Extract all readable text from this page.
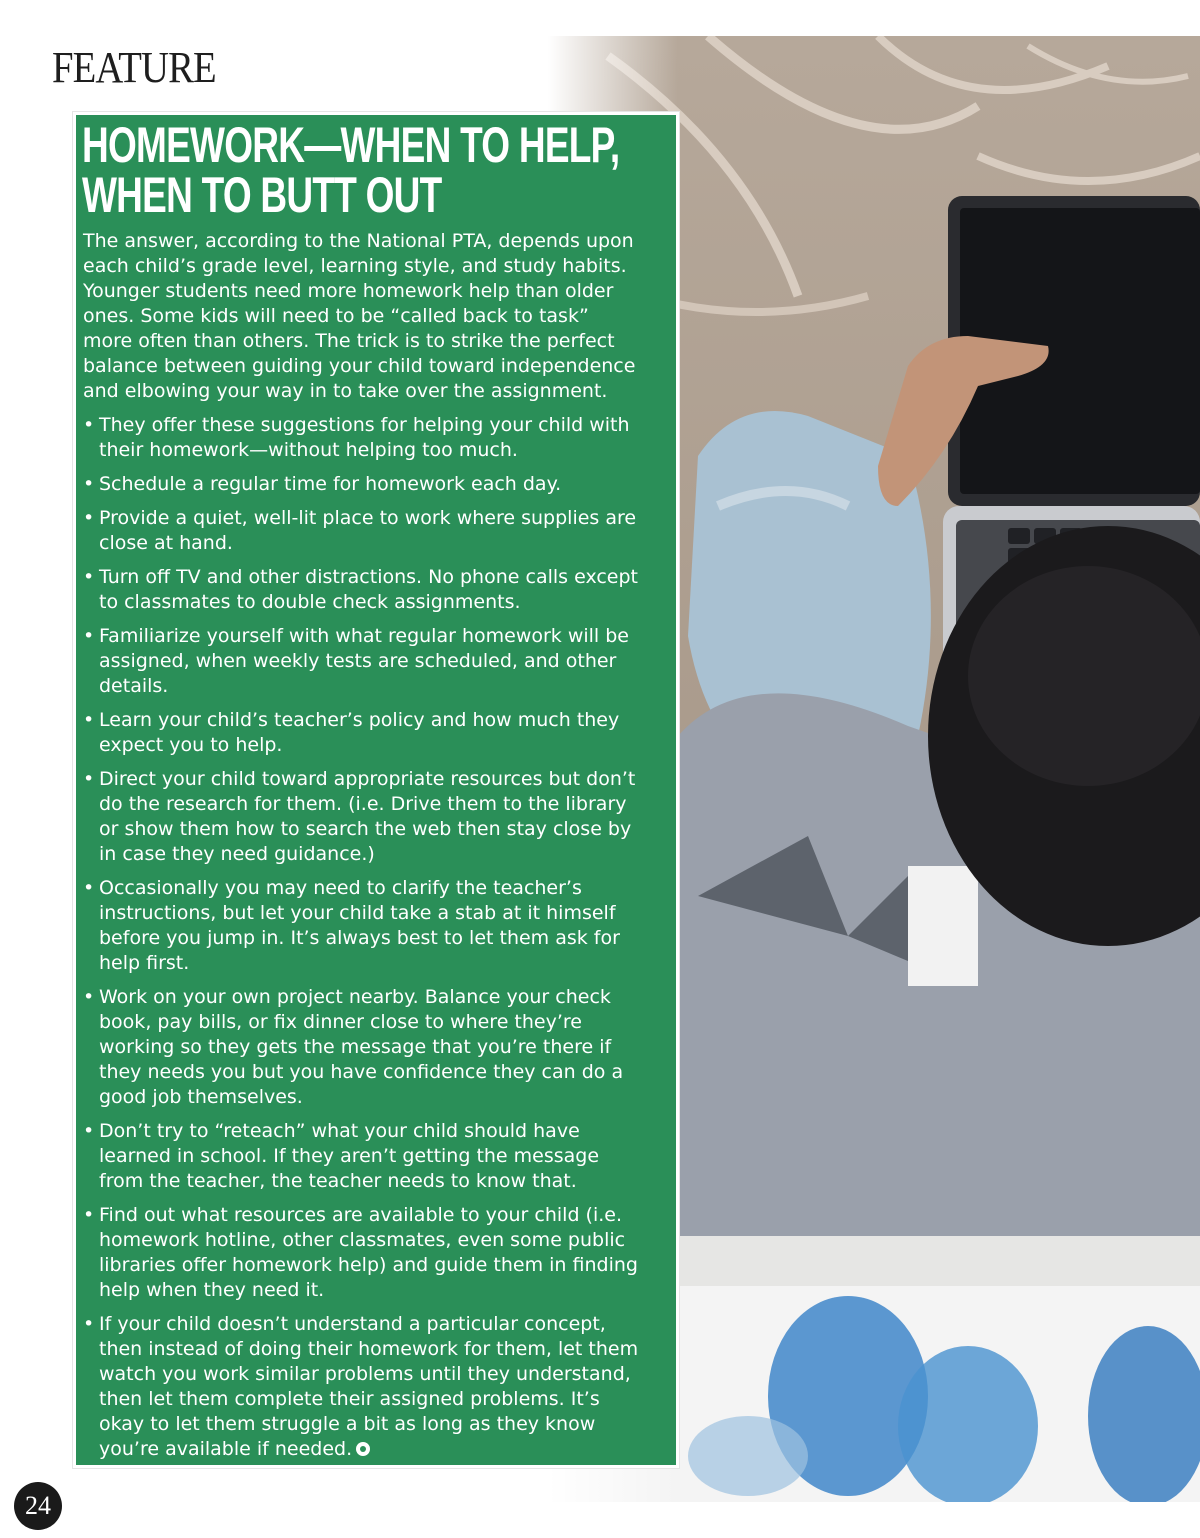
FEATURE
HOMEWORK—WHEN TO HELP,
WHEN TO BUTT OUT

The answer, according to the National PTA, depends upon each child’s grade level, learning style, and study habits. Younger students need more homework help than older ones. Some kids will need to be “called back to task” more often than others. The trick is to strike the perfect balance between guiding your child toward independence and elbowing your way in to take over the assignment.

• They offer these suggestions for helping your child with their homework—without helping too much.
• Schedule a regular time for homework each day.
• Provide a quiet, well-lit place to work where supplies are close at hand.
• Turn off TV and other distractions. No phone calls except to classmates to double check assignments.
• Familiarize yourself with what regular homework will be assigned, when weekly tests are scheduled, and other details.
• Learn your child’s teacher’s policy and how much they expect you to help.
• Direct your child toward appropriate resources but don’t do the research for them. (i.e. Drive them to the library or show them how to search the web then stay close by in case they need guidance.)
• Occasionally you may need to clarify the teacher’s instructions, but let your child take a stab at it himself before you jump in. It’s always best to let them ask for help first.
• Work on your own project nearby. Balance your check book, pay bills, or fix dinner close to where they’re working so they gets the message that you’re there if they needs you but you have confidence they can do a good job themselves.
• Don’t try to “reteach” what your child should have learned in school. If they aren’t getting the message from the teacher, the teacher needs to know that.
• Find out what resources are available to your child (i.e. homework hotline, other classmates, even some public libraries offer homework help) and guide them in finding help when they need it.
• If your child doesn’t understand a particular concept, then instead of doing their homework for them, let them watch you work similar problems until they understand, then let them complete their assigned problems. It’s okay to let them struggle a bit as long as they know you’re available if needed.
24
